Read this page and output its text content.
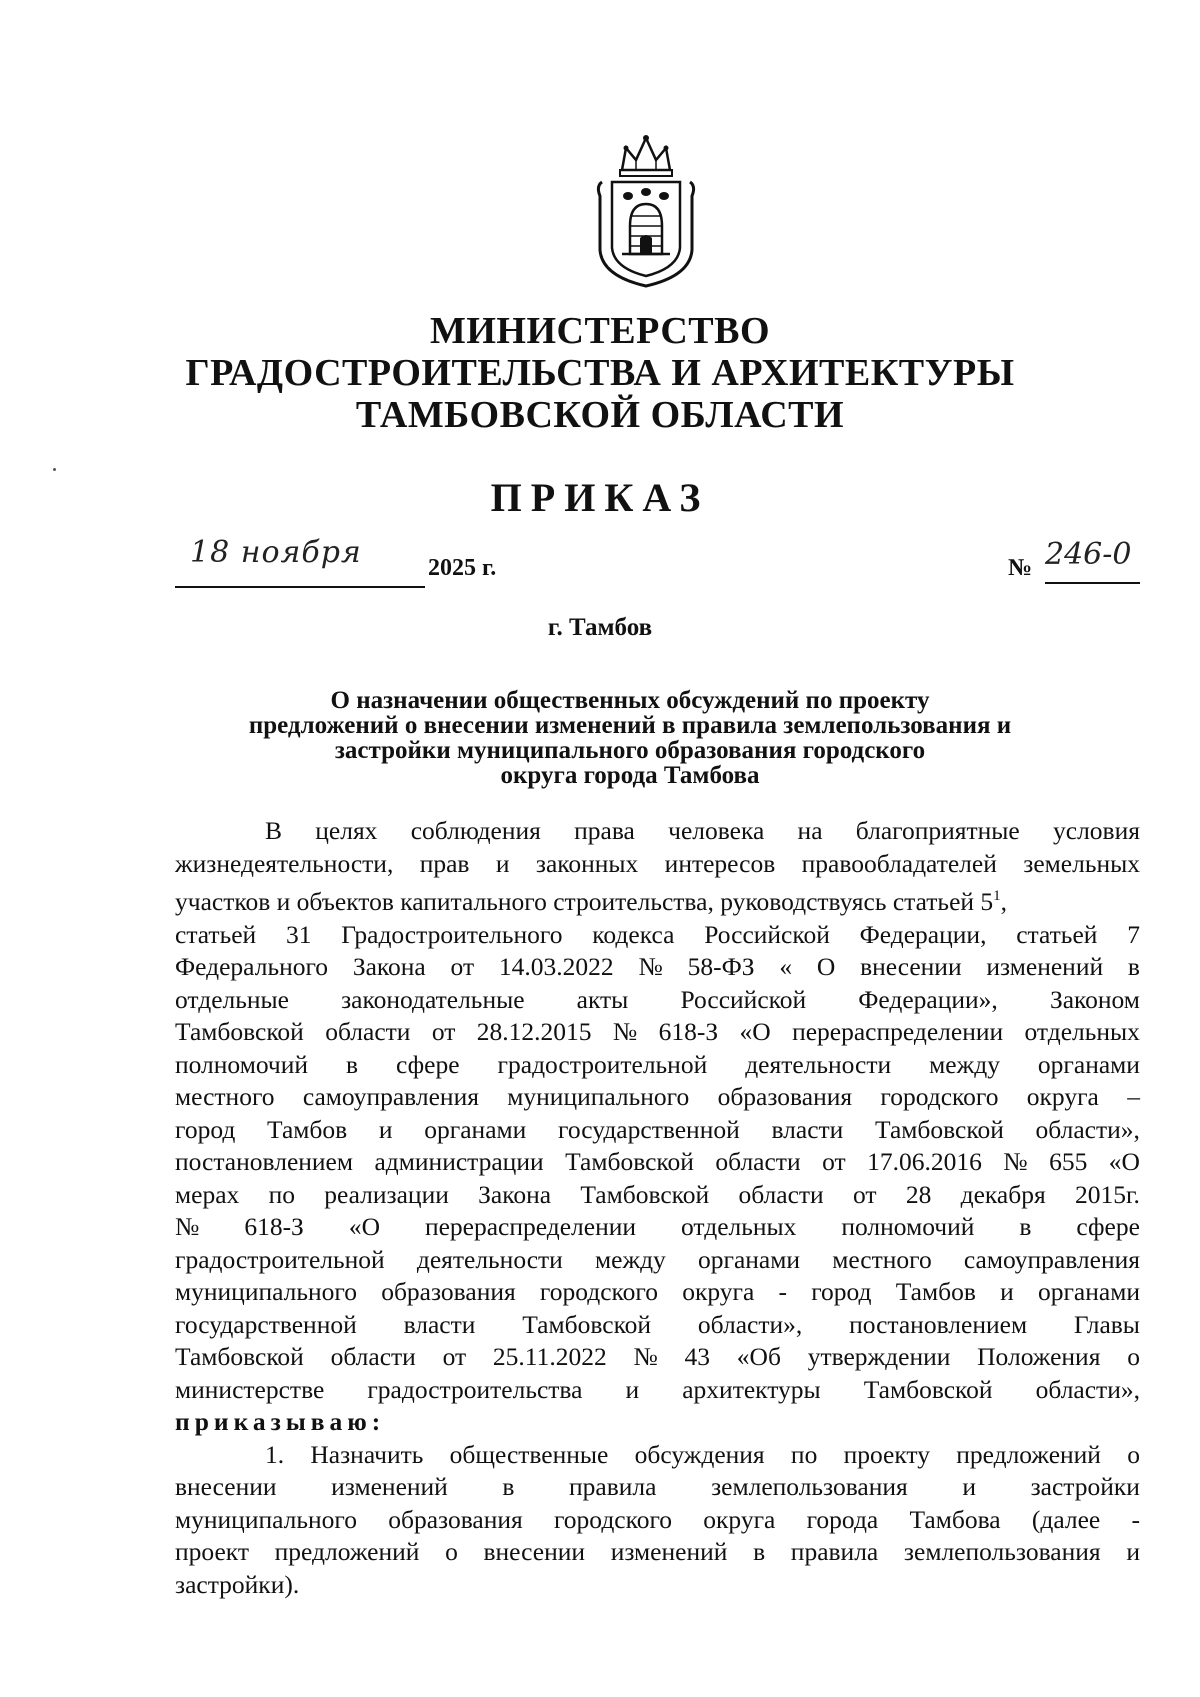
МИНИСТЕРСТВО
ГРАДОСТРОИТЕЛЬСТВА И АРХИТЕКТУРЫ
ТАМБОВСКОЙ ОБЛАСТИ
ПРИКАЗ
18 ноября	2025 г.	№ 246-0
г. Тамбов
О назначении общественных обсуждений по проекту
предложений о внесении изменений в правила землепользования и
застройки муниципального образования городского
округа города Тамбова
В целях соблюдения права человека на благоприятные условия
жизнедеятельности, прав и законных интересов правообладателей земельных
участков и объектов капитального строительства, руководствуясь статьей $5^1$,
статьей 31 Градостроительного кодекса Российской Федерации, статьей 7
Федерального Закона от 14.03.2022 № 58-ФЗ « О внесении изменений в
отдельные законодательные акты Российской Федерации», Законом
Тамбовской области от 28.12.2015 № 618-З «О перераспределении отдельных
полномочий в сфере градостроительной деятельности между органами
местного самоуправления муниципального образования городского округа –
город Тамбов и органами государственной власти Тамбовской области»,
постановлением администрации Тамбовской области от 17.06.2016 № 655 «О
мерах по реализации Закона Тамбовской области от 28 декабря 2015г.
№ 618-З «О перераспределении отдельных полномочий в сфере
градостроительной деятельности между органами местного самоуправления
муниципального образования городского округа - город Тамбов и органами
государственной власти Тамбовской области», постановлением Главы
Тамбовской области от 25.11.2022 № 43 «Об утверждении Положения о
министерстве градостроительства и архитектуры Тамбовской области»,
приказываю:
1. Назначить общественные обсуждения по проекту предложений о
внесении изменений в правила землепользования и застройки
муниципального образования городского округа города Тамбова (далее -
проект предложений о внесении изменений в правила землепользования и
застройки).
